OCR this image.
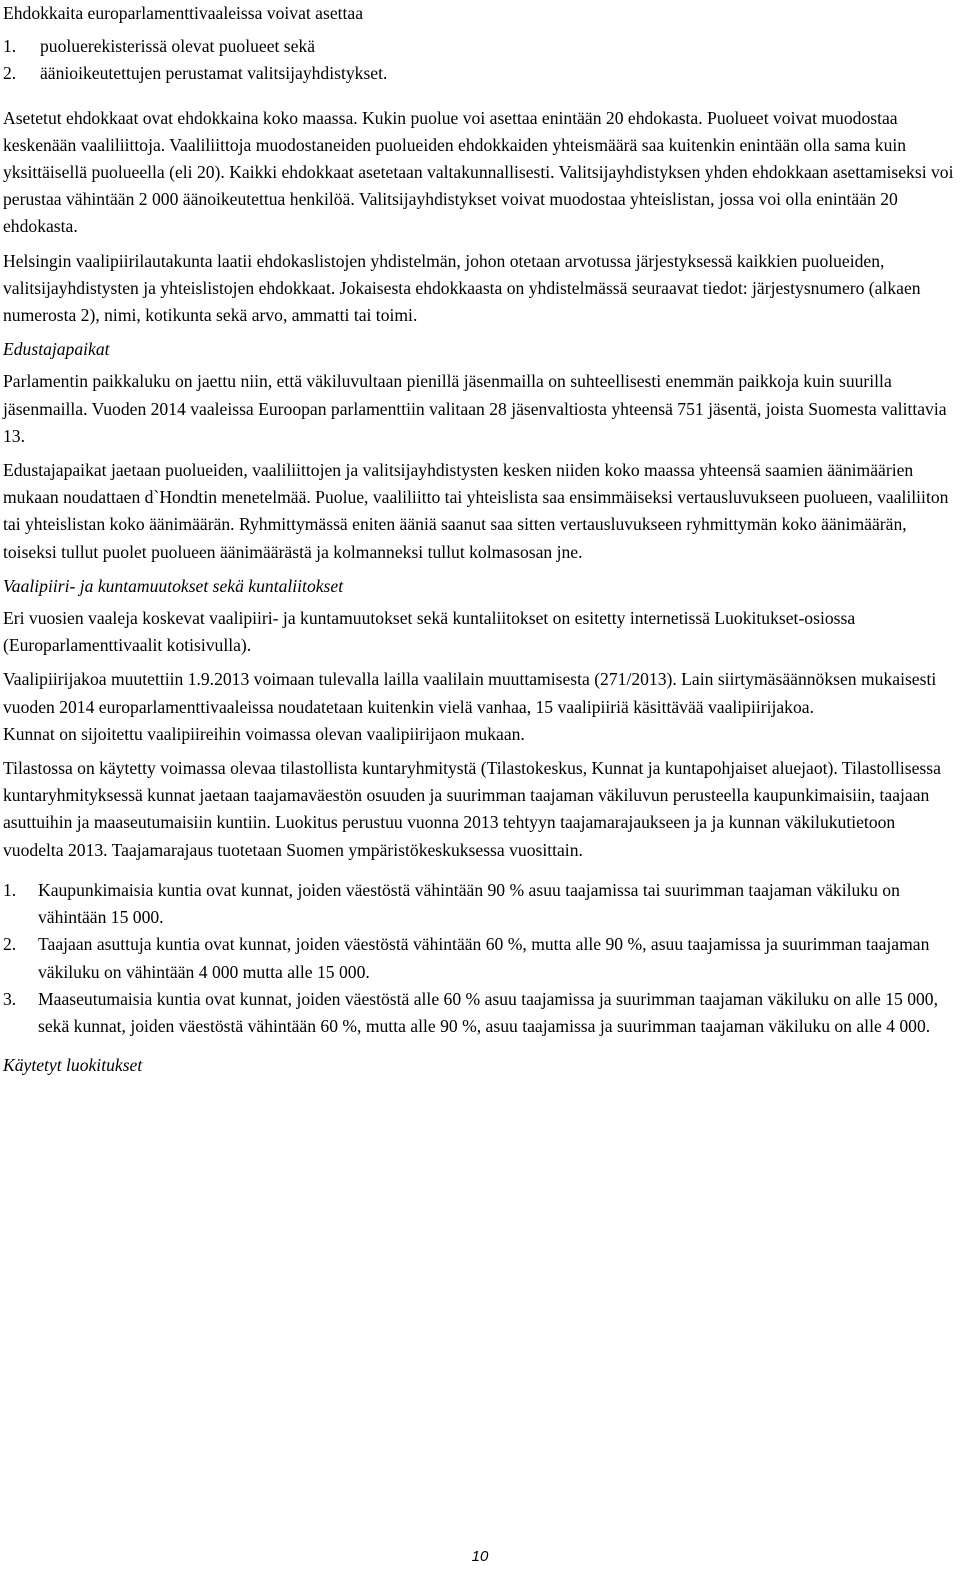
Ehdokkaita europarlamenttivaaleissa voivat asettaa

1.	puoluerekisterissä olevat puolueet sekä
2.	äänioikeutettujen perustamat valitsijayhdistykset.

Asetetut ehdokkaat ovat ehdokkaina koko maassa. Kukin puolue voi asettaa enintään 20 ehdokasta. Puolueet voivat muodostaa keskenään vaaliliittoja. Vaaliliittoja muodostaneiden puolueiden ehdokkaiden yhteismäärä saa kuitenkin enintään olla sama kuin yksittäisellä puolueella (eli 20). Kaikki ehdokkaat asetetaan valtakunnallisesti. Valitsijayhdistyksen yhden ehdokkaan asettamiseksi voi perustaa vähintään 2 000 äänoikeutettua henkilöä. Valitsijayhdistykset voivat muodostaa yhteislistan, jossa voi olla enintään 20 ehdokasta.

Helsingin vaalipiirilautakunta laatii ehdokaslistojen yhdistelmän, johon otetaan arvotussa järjestyksessä kaikkien puolueiden, valitsijayhdistysten ja yhteislistojen ehdokkaat. Jokaisesta ehdokkaasta on yhdistelmässä seuraavat tiedot: järjestysnumero (alkaen numerosta 2), nimi, kotikunta sekä arvo, ammatti tai toimi.

Edustajapaikat

Parlamentin paikkaluku on jaettu niin, että väkiluvultaan pienillä jäsenmailla on suhteellisesti enemmän paikkoja kuin suurilla jäsenmailla. Vuoden 2014 vaaleissa Euroopan parlamenttiin valitaan 28 jäsenvaltiosta yhteensä 751 jäsentä, joista Suomesta valittavia 13.

Edustajapaikat jaetaan puolueiden, vaaliliittojen ja valitsijayhdistysten kesken niiden koko maassa yhteensä saamien äänimäärien mukaan noudattaen d`Hondtin menetelmää. Puolue, vaaliliitto tai yhteislista saa ensimmäiseksi vertausluvukseen puolueen, vaaliliiton tai yhteislistan koko äänimäärän. Ryhmittymässä eniten ääniä saanut saa sitten vertausluvukseen ryhmittymän koko äänimäärän, toiseksi tullut puolet puolueen äänimäärästä ja kolmanneksi tullut kolmasosan jne.

Vaalipiiri- ja kuntamuutokset sekä kuntaliitokset

Eri vuosien vaaleja koskevat vaalipiiri- ja kuntamuutokset sekä kuntaliitokset on esitetty internetissä Luokitukset-osiossa (Europarlamenttivaalit kotisivulla).

Vaalipiirijakoa muutettiin 1.9.2013 voimaan tulevalla lailla vaalilain muuttamisesta (271/2013). Lain siirtymäsäännöksen mukaisesti vuoden 2014 europarlamenttivaaleissa noudatetaan kuitenkin vielä vanhaa, 15 vaalipiiriä käsittävää vaalipiirijakoa.

Kunnat on sijoitettu vaalipiireihin voimassa olevan vaalipiirijaon mukaan.

Tilastossa on käytetty voimassa olevaa tilastollista kuntaryhmitystä (Tilastokeskus, Kunnat ja kuntapohjaiset aluejaot). Tilastollisessa kuntaryhmityksessä kunnat jaetaan taajamaväestön osuuden ja suurimman taajaman väkiluvun perusteella kaupunkimaisiin, taajaan asuttuihin ja maaseutumaisiin kuntiin. Luokitus perustuu vuonna 2013 tehtyyn taajamarajaukseen ja ja kunnan väkilukutietoon vuodelta 2013. Taajamarajaus tuotetaan Suomen ympäristökeskuksessa vuosittain.

1.	Kaupunkimaisia kuntia ovat kunnat, joiden väestöstä vähintään 90 % asuu taajamissa tai suurimman taajaman väkiluku on vähintään 15 000.
2.	Taajaan asuttuja kuntia ovat kunnat, joiden väestöstä vähintään 60 %, mutta alle 90 %, asuu taajamissa ja suurimman taajaman väkiluku on vähintään 4 000 mutta alle 15 000.
3.	Maaseutumaisia kuntia ovat kunnat, joiden väestöstä alle 60 % asuu taajamissa ja suurimman taajaman väkiluku on alle 15 000, sekä kunnat, joiden väestöstä vähintään 60 %, mutta alle 90 %, asuu taajamissa ja suurimman taajaman väkiluku on alle 4 000.

Käytetyt luokitukset

10
